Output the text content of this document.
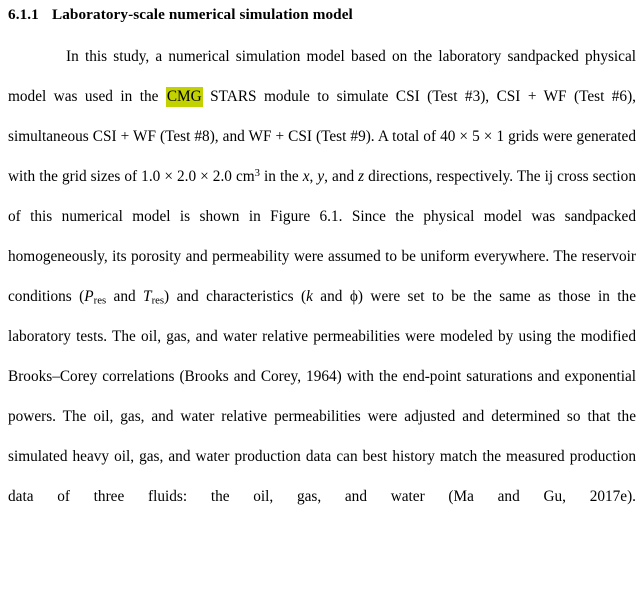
6.1.1 Laboratory-scale numerical simulation model

In this study, a numerical simulation model based on the laboratory sandpacked physical model was used in the CMG STARS module to simulate CSI (Test #3), CSI + WF (Test #6), simultaneous CSI + WF (Test #8), and WF + CSI (Test #9). A total of 40 × 5 × 1 grids were generated with the grid sizes of 1.0 × 2.0 × 2.0 $cm^3$ in the x, y, and z directions, respectively. The ij cross section of this numerical model is shown in Figure 6.1. Since the physical model was sandpacked homogeneously, its porosity and permeability were assumed to be uniform everywhere. The reservoir conditions ($P_{res}$ and $T_{res}$) and characteristics (k and ϕ) were set to be the same as those in the laboratory tests. The oil, gas, and water relative permeabilities were modeled by using the modified Brooks–Corey correlations (Brooks and Corey, 1964) with the end-point saturations and exponential powers. The oil, gas, and water relative permeabilities were adjusted and determined so that the simulated heavy oil, gas, and water production data can best history match the measured production data of three fluids: the oil, gas, and water (Ma and Gu, 2017e).
